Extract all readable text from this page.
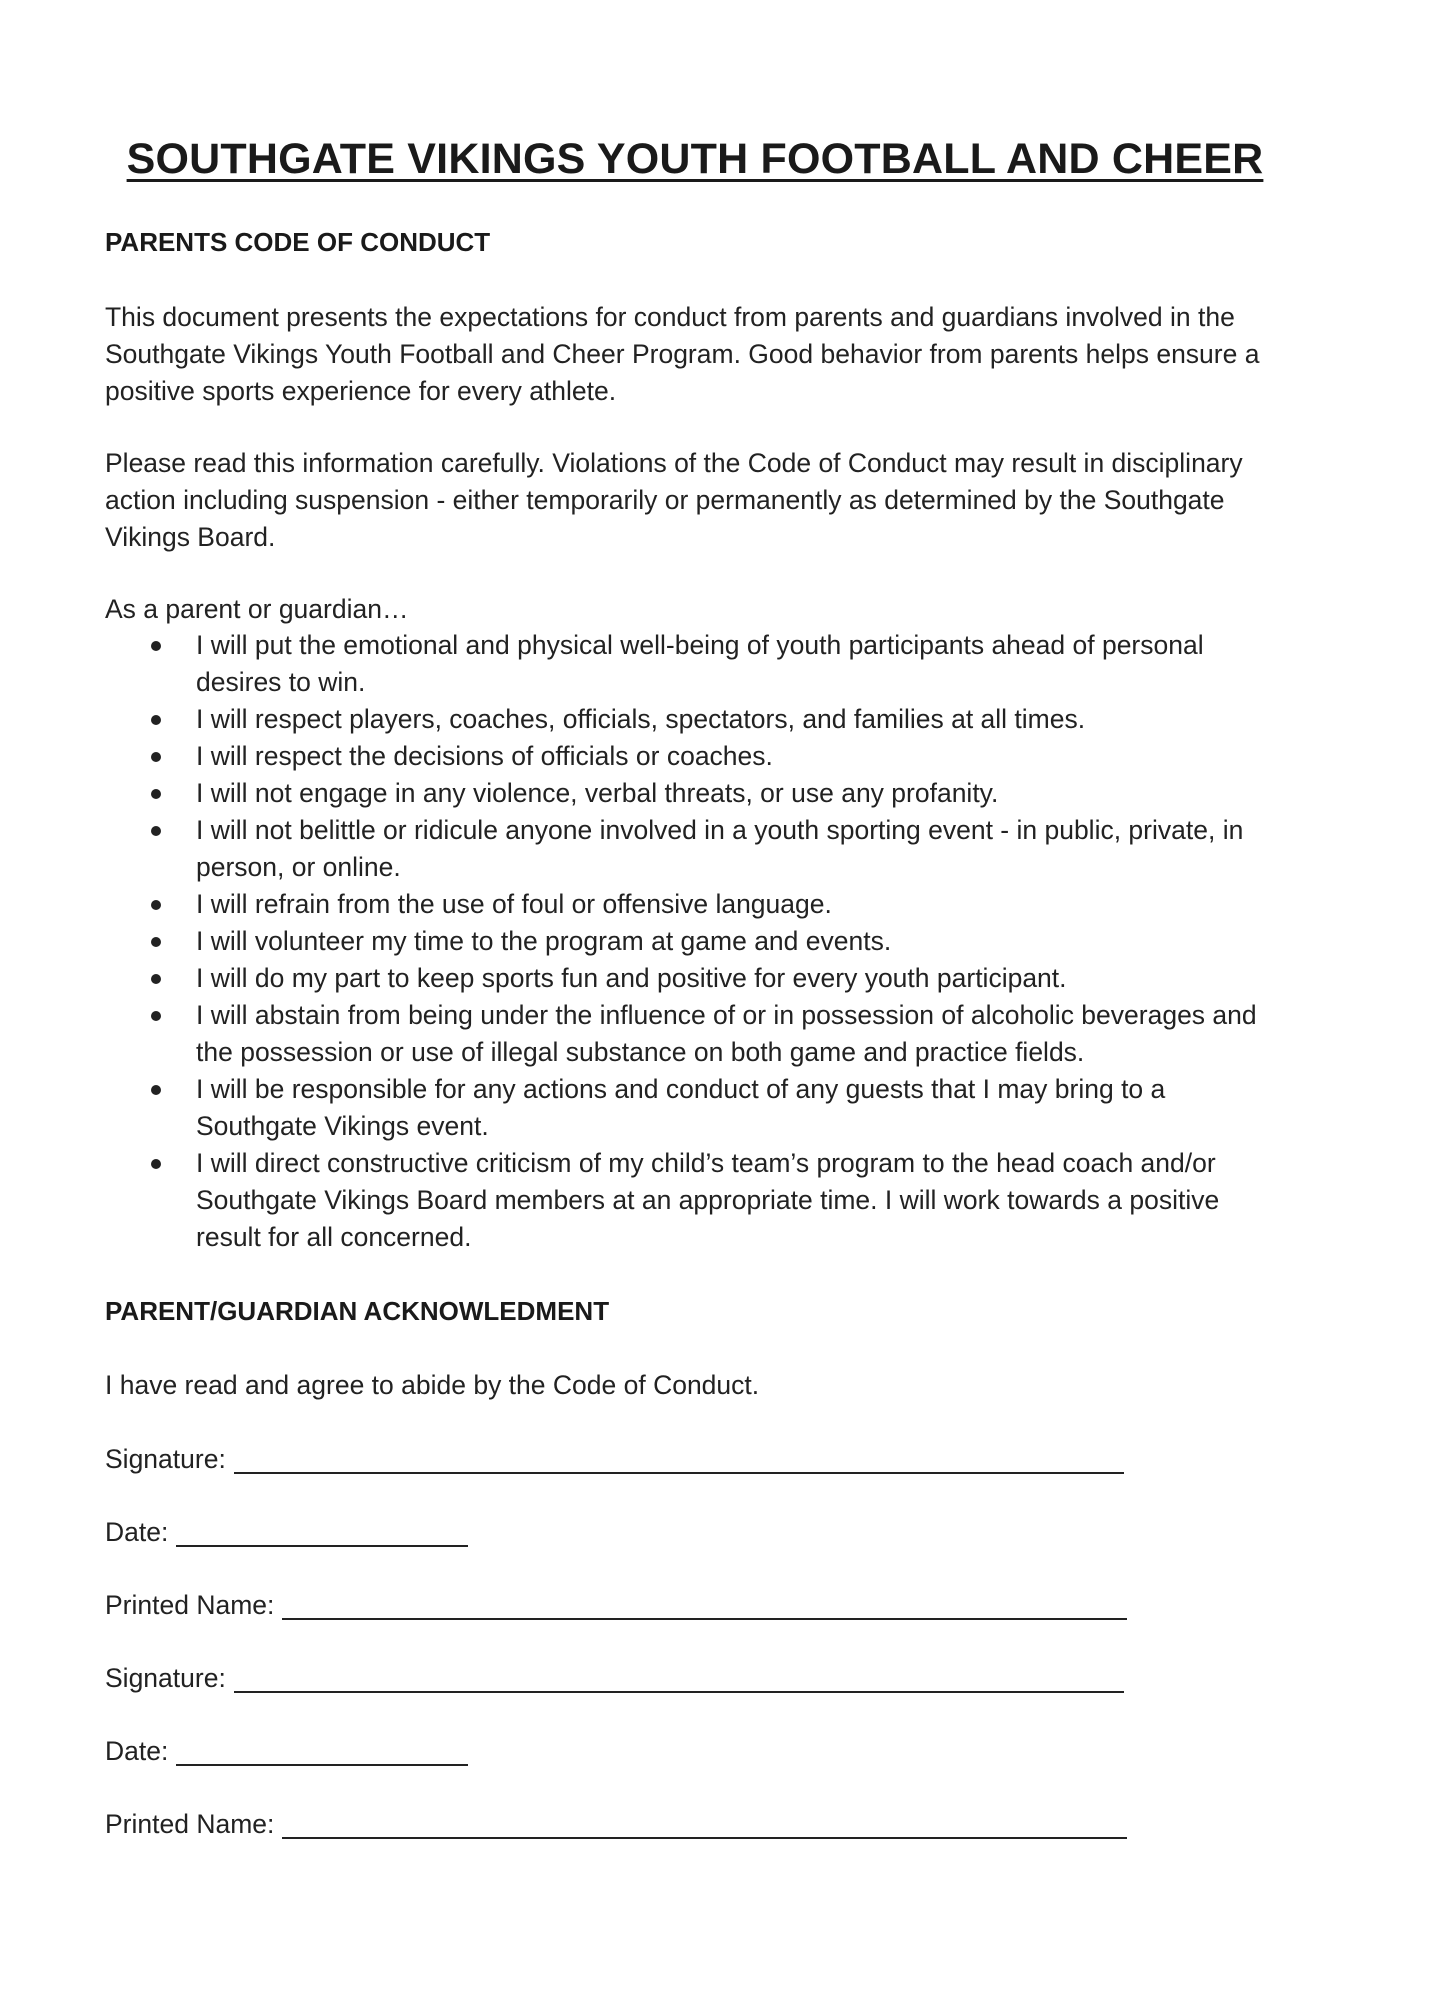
SOUTHGATE VIKINGS YOUTH FOOTBALL AND CHEER

PARENTS CODE OF CONDUCT

This document presents the expectations for conduct from parents and guardians involved in the Southgate Vikings Youth Football and Cheer Program. Good behavior from parents helps ensure a positive sports experience for every athlete.

Please read this information carefully. Violations of the Code of Conduct may result in disciplinary action including suspension - either temporarily or permanently as determined by the Southgate Vikings Board.

As a parent or guardian…

I will put the emotional and physical well-being of youth participants ahead of personal desires to win.
I will respect players, coaches, officials, spectators, and families at all times.
I will respect the decisions of officials or coaches.
I will not engage in any violence, verbal threats, or use any profanity.
I will not belittle or ridicule anyone involved in a youth sporting event - in public, private, in person, or online.
I will refrain from the use of foul or offensive language.
I will volunteer my time to the program at game and events.
I will do my part to keep sports fun and positive for every youth participant.
I will abstain from being under the influence of or in possession of alcoholic beverages and the possession or use of illegal substance on both game and practice fields.
I will be responsible for any actions and conduct of any guests that I may bring to a Southgate Vikings event.
I will direct constructive criticism of my child’s team’s program to the head coach and/or Southgate Vikings Board members at an appropriate time. I will work towards a positive result for all concerned.

PARENT/GUARDIAN ACKNOWLEDMENT

I have read and agree to abide by the Code of Conduct.

Signature:
Date:
Printed Name:
Signature:
Date:
Printed Name:
